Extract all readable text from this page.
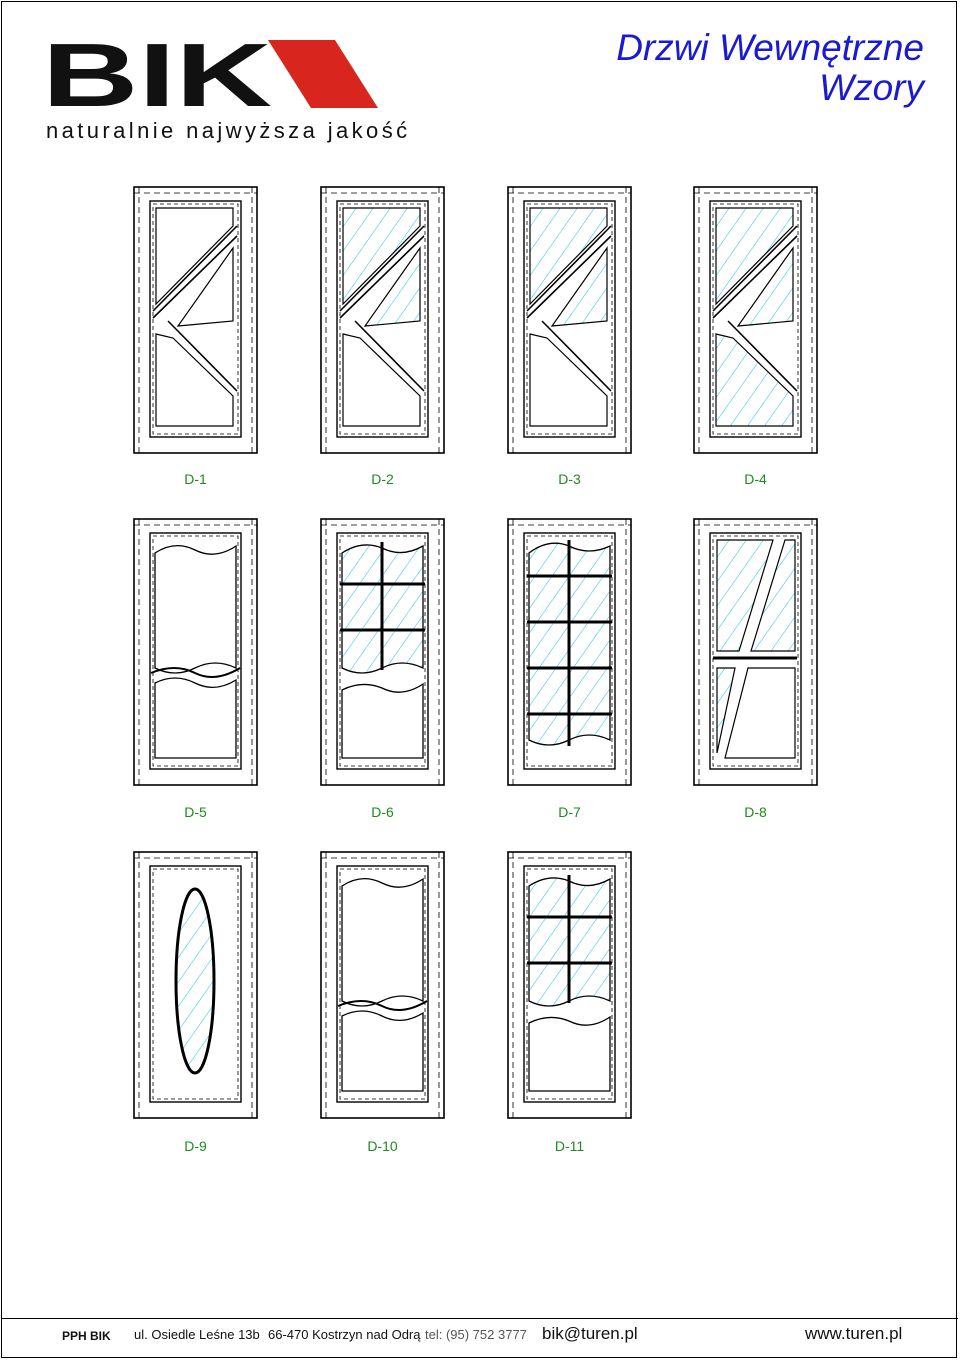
BIK
naturalnie najwyższa jakość
Drzwi Wewnętrzne
Wzory
D-1	D-2	D-3	D-4
D-5	D-6	D-7	D-8
D-9	D-10	D-11
PPH BIK ul. Osiedle Leśne 13b 66-470 Kostrzyn nad Odrą tel: (95) 752 3777 bik@turen.pl	www.turen.pl
